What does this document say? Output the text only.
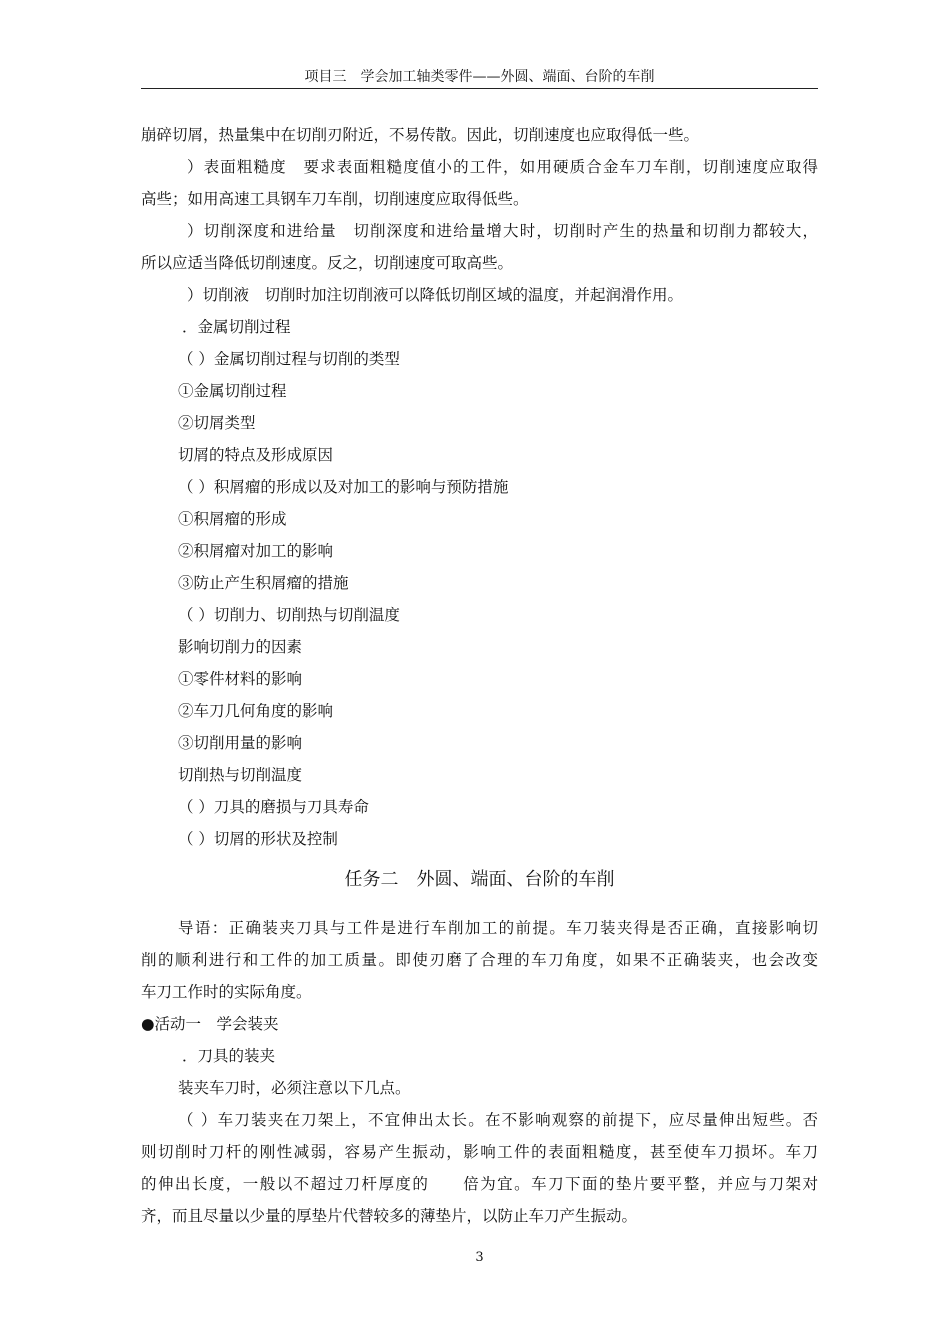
项目三　学会加工轴类零件——外圆、端面、台阶的车削
崩碎切屑，热量集中在切削刃附近，不易传散。因此，切削速度也应取得低一些。
）表面粗糙度　要求表面粗糙度值小的工件，如用硬质合金车刀车削，切削速度应取得
高些；如用高速工具钢车刀车削，切削速度应取得低些。
）切削深度和进给量　切削深度和进给量增大时，切削时产生的热量和切削力都较大，
所以应适当降低切削速度。反之，切削速度可取高些。
）切削液　切削时加注切削液可以降低切削区域的温度，并起润滑作用。
．金属切削过程
（ ）金属切削过程与切削的类型
①金属切削过程
②切屑类型
切屑的特点及形成原因
（ ）积屑瘤的形成以及对加工的影响与预防措施
①积屑瘤的形成
②积屑瘤对加工的影响
③防止产生积屑瘤的措施
（ ）切削力、切削热与切削温度
影响切削力的因素
①零件材料的影响
②车刀几何角度的影响
③切削用量的影响
切削热与切削温度
（ ）刀具的磨损与刀具寿命
（ ）切屑的形状及控制
任务二　外圆、端面、台阶的车削
导语：正确装夹刀具与工件是进行车削加工的前提。车刀装夹得是否正确，直接影响切
削的顺利进行和工件的加工质量。即使刃磨了合理的车刀角度，如果不正确装夹，也会改变
车刀工作时的实际角度。
●活动一　学会装夹
．刀具的装夹
装夹车刀时，必须注意以下几点。
（ ）车刀装夹在刀架上，不宜伸出太长。在不影响观察的前提下，应尽量伸出短些。否
则切削时刀杆的刚性减弱，容易产生振动，影响工件的表面粗糙度，甚至使车刀损坏。车刀
的伸出长度，一般以不超过刀杆厚度的　　倍为宜。车刀下面的垫片要平整，并应与刀架对
齐，而且尽量以少量的厚垫片代替较多的薄垫片，以防止车刀产生振动。
3
